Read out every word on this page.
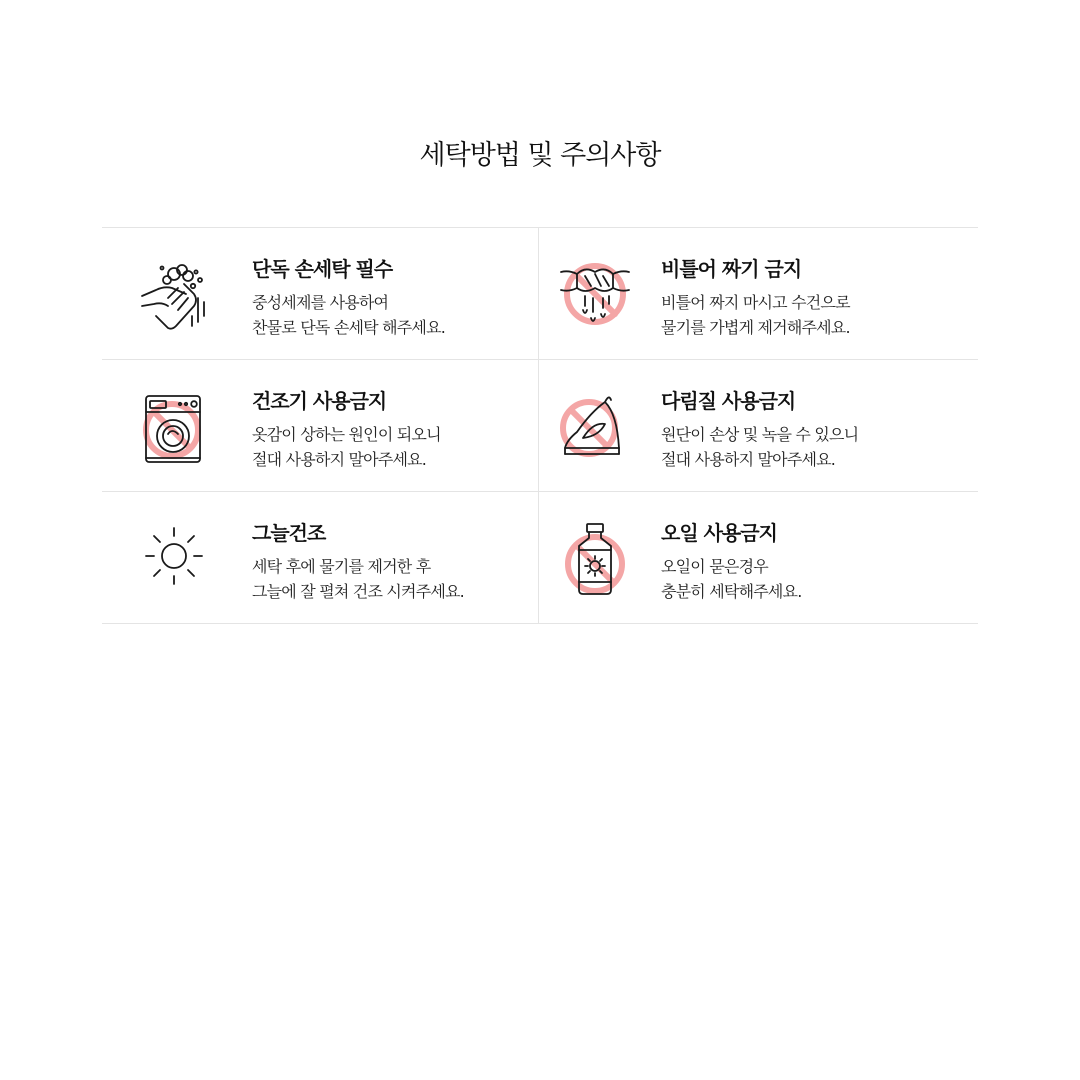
세탁방법 및 주의사항
단독 손세탁 필수
중성세제를 사용하여
찬물로 단독 손세탁 해주세요.
비틀어 짜기 금지
비틀어 짜지 마시고 수건으로
물기를 가볍게 제거해주세요.
건조기 사용금지
옷감이 상하는 원인이 되오니
절대 사용하지 말아주세요.
다림질 사용금지
원단이 손상 및 녹을 수 있으니
절대 사용하지 말아주세요.
그늘건조
세탁 후에 물기를 제거한 후
그늘에 잘 펼쳐 건조 시켜주세요.
오일 사용금지
오일이 묻은경우
충분히 세탁해주세요.
